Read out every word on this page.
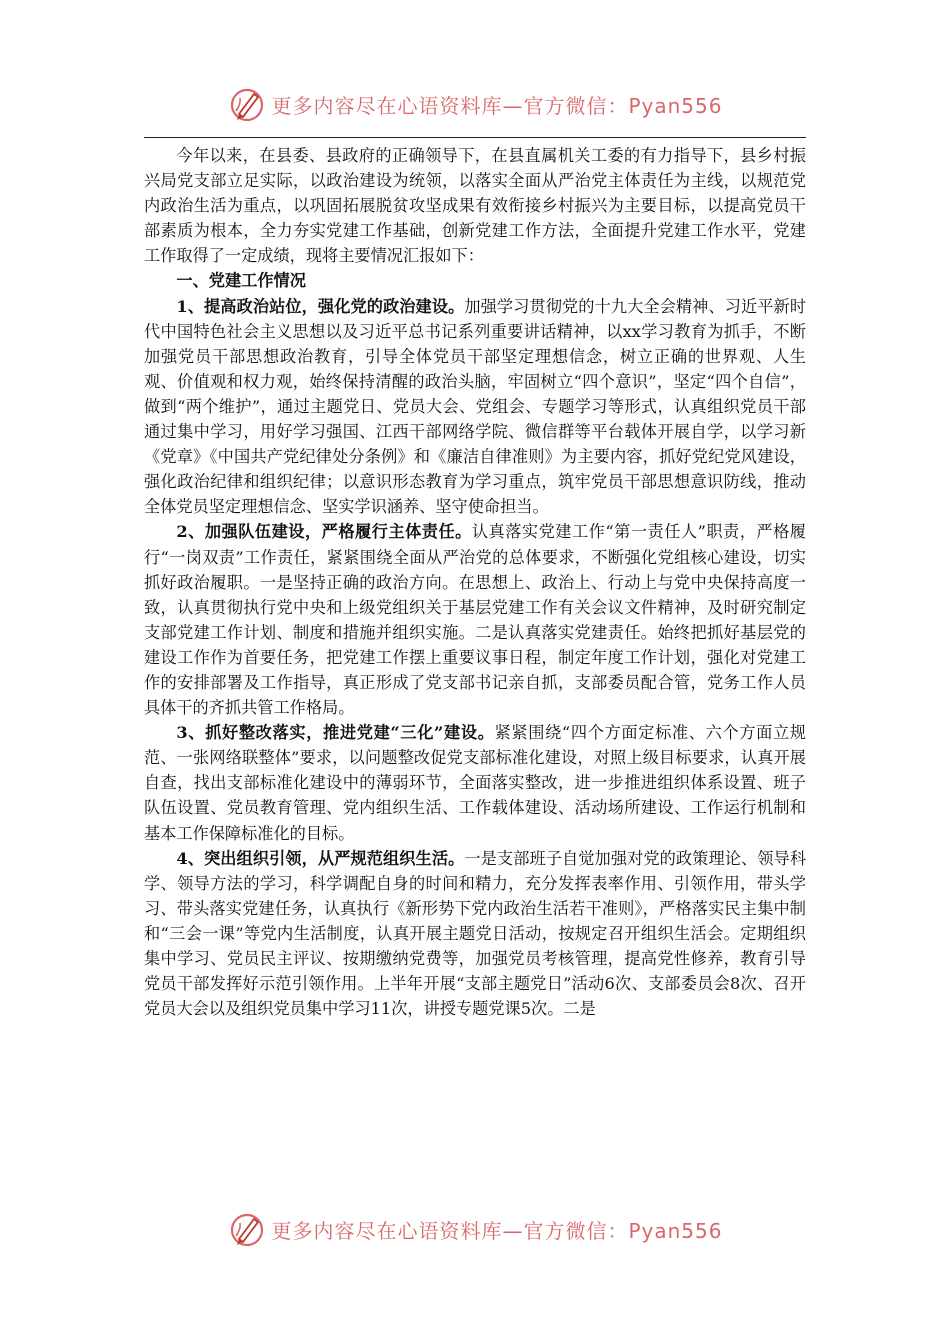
更多内容尽在心语资料库—官方微信：Pyan556

今年以来，在县委、县政府的正确领导下，在县直属机关工委的有力指导下，县乡村振兴局党支部立足实际，以政治建设为统领，以落实全面从严治党主体责任为主线，以规范党内政治生活为重点，以巩固拓展脱贫攻坚成果有效衔接乡村振兴为主要目标，以提高党员干部素质为根本，全力夯实党建工作基础，创新党建工作方法，全面提升党建工作水平，党建工作取得了一定成绩，现将主要情况汇报如下：

一、党建工作情况

1、提高政治站位，强化党的政治建设。加强学习贯彻党的十九大全会精神、习近平新时代中国特色社会主义思想以及习近平总书记系列重要讲话精神，以xx学习教育为抓手，不断加强党员干部思想政治教育，引导全体党员干部坚定理想信念，树立正确的世界观、人生观、价值观和权力观，始终保持清醒的政治头脑，牢固树立“四个意识”，坚定“四个自信”，做到“两个维护”，通过主题党日、党员大会、党组会、专题学习等形式，认真组织党员干部通过集中学习，用好学习强国、江西干部网络学院、微信群等平台载体开展自学，以学习新《党章》《中国共产党纪律处分条例》和《廉洁自律准则》为主要内容，抓好党纪党风建设，强化政治纪律和组织纪律；以意识形态教育为学习重点，筑牢党员干部思想意识防线，推动全体党员坚定理想信念、坚实学识涵养、坚守使命担当。

2、加强队伍建设，严格履行主体责任。认真落实党建工作“第一责任人”职责，严格履行“一岗双责”工作责任，紧紧围绕全面从严治党的总体要求，不断强化党组核心建设，切实抓好政治履职。一是坚持正确的政治方向。在思想上、政治上、行动上与党中央保持高度一致，认真贯彻执行党中央和上级党组织关于基层党建工作有关会议文件精神，及时研究制定支部党建工作计划、制度和措施并组织实施。二是认真落实党建责任。始终把抓好基层党的建设工作作为首要任务，把党建工作摆上重要议事日程，制定年度工作计划，强化对党建工作的安排部署及工作指导，真正形成了党支部书记亲自抓，支部委员配合管，党务工作人员具体干的齐抓共管工作格局。

3、抓好整改落实，推进党建“三化”建设。紧紧围绕“四个方面定标准、六个方面立规范、一张网络联整体”要求，以问题整改促党支部标准化建设，对照上级目标要求，认真开展自查，找出支部标准化建设中的薄弱环节，全面落实整改，进一步推进组织体系设置、班子队伍设置、党员教育管理、党内组织生活、工作载体建设、活动场所建设、工作运行机制和基本工作保障标准化的目标。

4、突出组织引领，从严规范组织生活。一是支部班子自觉加强对党的政策理论、领导科学、领导方法的学习，科学调配自身的时间和精力，充分发挥表率作用、引领作用，带头学习、带头落实党建任务，认真执行《新形势下党内政治生活若干准则》，严格落实民主集中制和“三会一课”等党内生活制度，认真开展主题党日活动，按规定召开组织生活会。定期组织集中学习、党员民主评议、按期缴纳党费等，加强党员考核管理，提高党性修养，教育引导党员干部发挥好示范引领作用。上半年开展“支部主题党日”活动6次、支部委员会8次、召开党员大会以及组织党员集中学习11次，讲授专题党课5次。二是

更多内容尽在心语资料库—官方微信：Pyan556
